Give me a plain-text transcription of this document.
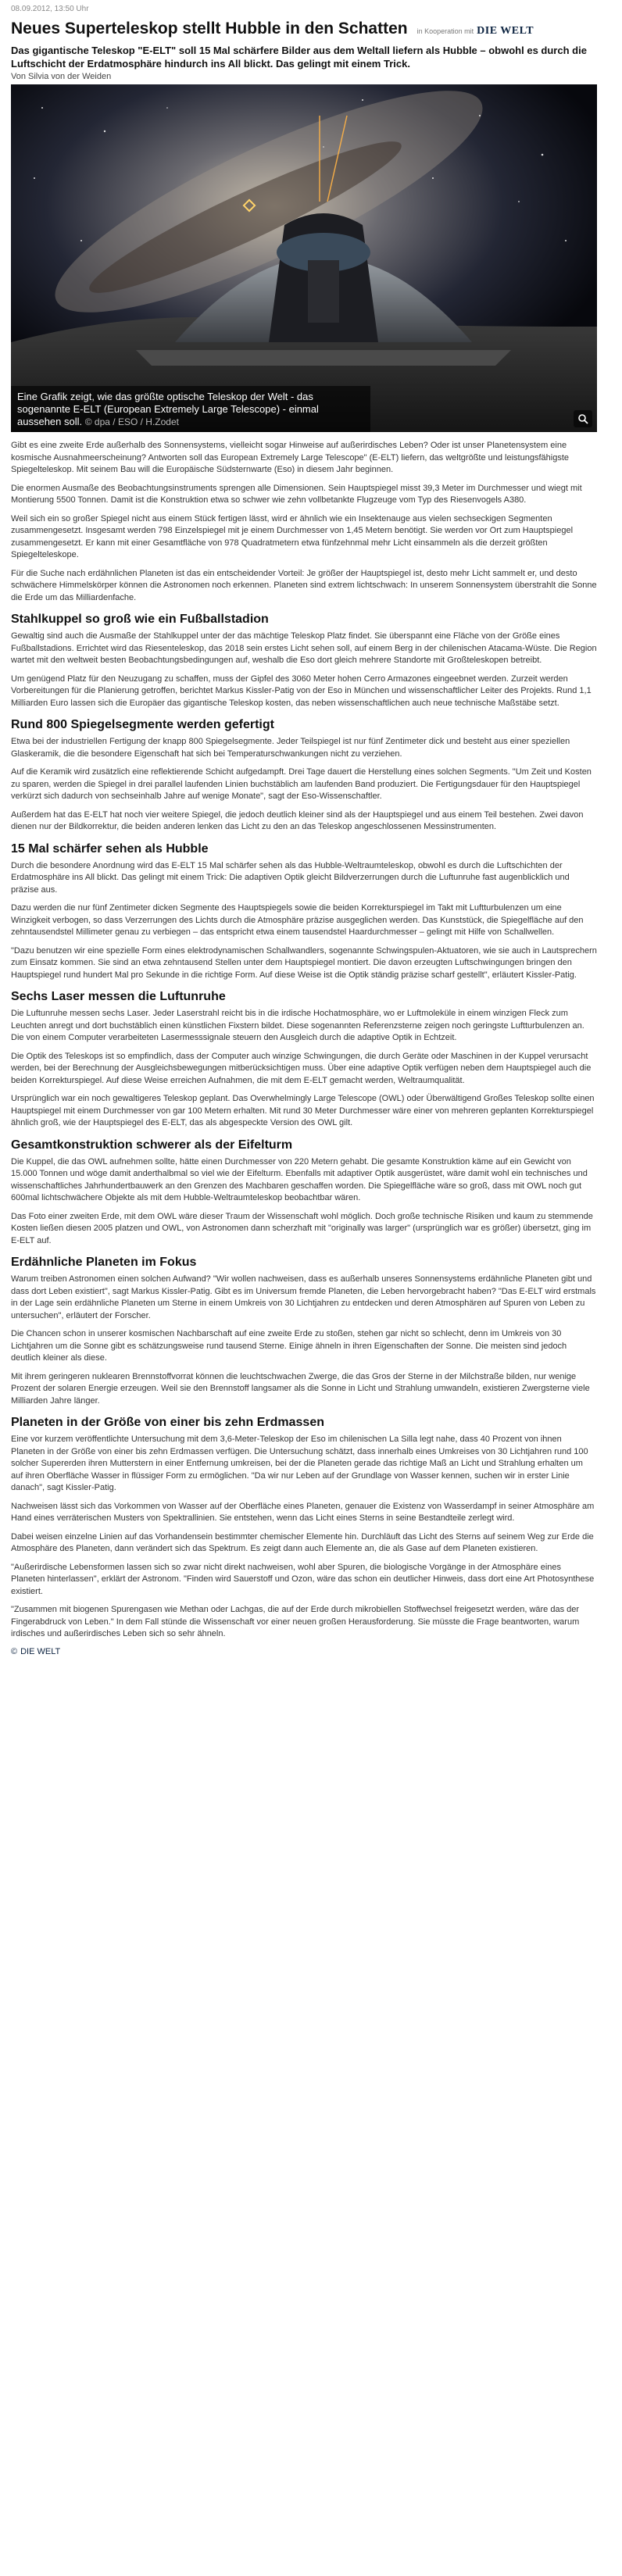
08.09.2012, 13:50 Uhr
Neues Superteleskop stellt Hubble in den Schatten in Kooperation mit DIE WELT
Das gigantische Teleskop "E-ELT" soll 15 Mal schärfere Bilder aus dem Weltall liefern als Hubble – obwohl es durch die Luftschicht der Erdatmosphäre hindurch ins All blickt. Das gelingt mit einem Trick.
Von Silvia von der Weiden
Eine Grafik zeigt, wie das größte optische Teleskop der Welt - das sogenannte E-ELT (European Extremely Large Telescope) - einmal aussehen soll. © dpa / ESO / H.Zodet

Gibt es eine zweite Erde außerhalb des Sonnensystems, vielleicht sogar Hinweise auf außerirdisches Leben? Oder ist unser Planetensystem eine kosmische Ausnahmeerscheinung? Antworten soll das European Extremely Large Telescope" (E-ELT) liefern, das weltgrößte und leistungsfähigste Spiegelteleskop. Mit seinem Bau will die Europäische Südsternwarte (Eso) in diesem Jahr beginnen.

Die enormen Ausmaße des Beobachtungsinstruments sprengen alle Dimensionen. Sein Hauptspiegel misst 39,3 Meter im Durchmesser und wiegt mit Montierung 5500 Tonnen. Damit ist die Konstruktion etwa so schwer wie zehn vollbetankte Flugzeuge vom Typ des Riesenvogels A380.

Weil sich ein so großer Spiegel nicht aus einem Stück fertigen lässt, wird er ähnlich wie ein Insektenauge aus vielen sechseckigen Segmenten zusammengesetzt. Insgesamt werden 798 Einzelspiegel mit je einem Durchmesser von 1,45 Metern benötigt. Sie werden vor Ort zum Hauptspiegel zusammengesetzt. Er kann mit einer Gesamtfläche von 978 Quadratmetern etwa fünfzehnmal mehr Licht einsammeln als die derzeit größten Spiegelteleskope.

Für die Suche nach erdähnlichen Planeten ist das ein entscheidender Vorteil: Je größer der Hauptspiegel ist, desto mehr Licht sammelt er, und desto schwächere Himmelskörper können die Astronomen noch erkennen. Planeten sind extrem lichtschwach: In unserem Sonnensystem überstrahlt die Sonne die Erde um das Milliardenfache.

Stahlkuppel so groß wie ein Fußballstadion

Gewaltig sind auch die Ausmaße der Stahlkuppel unter der das mächtige Teleskop Platz findet. Sie überspannt eine Fläche von der Größe eines Fußballstadions. Errichtet wird das Riesenteleskop, das 2018 sein erstes Licht sehen soll, auf einem Berg in der chilenischen Atacama-Wüste. Die Region wartet mit den weltweit besten Beobachtungsbedingungen auf, weshalb die Eso dort gleich mehrere Standorte mit Großteleskopen betreibt.

Um genügend Platz für den Neuzugang zu schaffen, muss der Gipfel des 3060 Meter hohen Cerro Armazones eingeebnet werden. Zurzeit werden Vorbereitungen für die Planierung getroffen, berichtet Markus Kissler-Patig von der Eso in München und wissenschaftlicher Leiter des Projekts. Rund 1,1 Milliarden Euro lassen sich die Europäer das gigantische Teleskop kosten, das neben wissenschaftlichen auch neue technische Maßstäbe setzt.

Rund 800 Spiegelsegmente werden gefertigt

Etwa bei der industriellen Fertigung der knapp 800 Spiegelsegmente. Jeder Teilspiegel ist nur fünf Zentimeter dick und besteht aus einer speziellen Glaskeramik, die die besondere Eigenschaft hat sich bei Temperaturschwankungen nicht zu verziehen.

Auf die Keramik wird zusätzlich eine reflektierende Schicht aufgedampft. Drei Tage dauert die Herstellung eines solchen Segments. "Um Zeit und Kosten zu sparen, werden die Spiegel in drei parallel laufenden Linien buchstäblich am laufenden Band produziert. Die Fertigungsdauer für den Hauptspiegel verkürzt sich dadurch von sechseinhalb Jahre auf wenige Monate", sagt der Eso-Wissenschaftler.

Außerdem hat das E-ELT hat noch vier weitere Spiegel, die jedoch deutlich kleiner sind als der Hauptspiegel und aus einem Teil bestehen. Zwei davon dienen nur der Bildkorrektur, die beiden anderen lenken das Licht zu den an das Teleskop angeschlossenen Messinstrumenten.

15 Mal schärfer sehen als Hubble

Durch die besondere Anordnung wird das E-ELT 15 Mal schärfer sehen als das Hubble-Weltraumteleskop, obwohl es durch die Luftschichten der Erdatmosphäre ins All blickt. Das gelingt mit einem Trick: Die adaptiven Optik gleicht Bildverzerrungen durch die Luftunruhe fast augenblicklich und präzise aus.

Dazu werden die nur fünf Zentimeter dicken Segmente des Hauptspiegels sowie die beiden Korrekturspiegel im Takt mit Luftturbulenzen um eine Winzigkeit verbogen, so dass Verzerrungen des Lichts durch die Atmosphäre präzise ausgeglichen werden. Das Kunststück, die Spiegelfläche auf den zehntausendstel Millimeter genau zu verbiegen – das entspricht etwa einem tausendstel Haardurchmesser – gelingt mit Hilfe von Schallwellen.

"Dazu benutzen wir eine spezielle Form eines elektrodynamischen Schallwandlers, sogenannte Schwingspulen-Aktuatoren, wie sie auch in Lautsprechern zum Einsatz kommen. Sie sind an etwa zehntausend Stellen unter dem Hauptspiegel montiert. Die davon erzeugten Luftschwingungen bringen den Hauptspiegel rund hundert Mal pro Sekunde in die richtige Form. Auf diese Weise ist die Optik ständig präzise scharf gestellt", erläutert Kissler-Patig.

Sechs Laser messen die Luftunruhe

Die Luftunruhe messen sechs Laser. Jeder Laserstrahl reicht bis in die irdische Hochatmosphäre, wo er Luftmoleküle in einem winzigen Fleck zum Leuchten anregt und dort buchstäblich einen künstlichen Fixstern bildet. Diese sogenannten Referenzsterne zeigen noch geringste Luftturbulenzen an. Die von einem Computer verarbeiteten Lasermesssignale steuern den Ausgleich durch die adaptive Optik in Echtzeit.

Die Optik des Teleskops ist so empfindlich, dass der Computer auch winzige Schwingungen, die durch Geräte oder Maschinen in der Kuppel verursacht werden, bei der Berechnung der Ausgleichsbewegungen mitberücksichtigen muss. Über eine adaptive Optik verfügen neben dem Hauptspiegel auch die beiden Korrekturspiegel. Auf diese Weise erreichen Aufnahmen, die mit dem E-ELT gemacht werden, Weltraumqualität.

Ursprünglich war ein noch gewaltigeres Teleskop geplant. Das Overwhelmingly Large Telescope (OWL) oder Überwältigend Großes Teleskop sollte einen Hauptspiegel mit einem Durchmesser von gar 100 Metern erhalten. Mit rund 30 Meter Durchmesser wäre einer von mehreren geplanten Korrekturspiegel ähnlich groß, wie der Hauptspiegel des E-ELT, das als abgespeckte Version des OWL gilt.

Gesamtkonstruktion schwerer als der Eifelturm

Die Kuppel, die das OWL aufnehmen sollte, hätte einen Durchmesser von 220 Metern gehabt. Die gesamte Konstruktion käme auf ein Gewicht von 15.000 Tonnen und wöge damit anderthalbmal so viel wie der Eifelturm. Ebenfalls mit adaptiver Optik ausgerüstet, wäre damit wohl ein technisches und wissenschaftliches Jahrhundertbauwerk an den Grenzen des Machbaren geschaffen worden. Die Spiegelfläche wäre so groß, dass mit OWL noch gut 600mal lichtschwächere Objekte als mit dem Hubble-Weltraumteleskop beobachtbar wären.

Das Foto einer zweiten Erde, mit dem OWL wäre dieser Traum der Wissenschaft wohl möglich. Doch große technische Risiken und kaum zu stemmende Kosten ließen diesen 2005 platzen und OWL, von Astronomen dann scherzhaft mit "originally was larger" (ursprünglich war es größer) übersetzt, ging im E-ELT auf.

Erdähnliche Planeten im Fokus

Warum treiben Astronomen einen solchen Aufwand? "Wir wollen nachweisen, dass es außerhalb unseres Sonnensystems erdähnliche Planeten gibt und dass dort Leben existiert", sagt Markus Kissler-Patig. Gibt es im Universum fremde Planeten, die Leben hervorgebracht haben? "Das E-ELT wird erstmals in der Lage sein erdähnliche Planeten um Sterne in einem Umkreis von 30 Lichtjahren zu entdecken und deren Atmosphären auf Spuren von Leben zu untersuchen", erläutert der Forscher.

Die Chancen schon in unserer kosmischen Nachbarschaft auf eine zweite Erde zu stoßen, stehen gar nicht so schlecht, denn im Umkreis von 30 Lichtjahren um die Sonne gibt es schätzungsweise rund tausend Sterne. Einige ähneln in ihren Eigenschaften der Sonne. Die meisten sind jedoch deutlich kleiner als diese.

Mit ihrem geringeren nuklearen Brennstoffvorrat können die leuchtschwachen Zwerge, die das Gros der Sterne in der Milchstraße bilden, nur wenige Prozent der solaren Energie erzeugen. Weil sie den Brennstoff langsamer als die Sonne in Licht und Strahlung umwandeln, existieren Zwergsterne viele Milliarden Jahre länger.

Planeten in der Größe von einer bis zehn Erdmassen

Eine vor kurzem veröffentlichte Untersuchung mit dem 3,6-Meter-Teleskop der Eso im chilenischen La Silla legt nahe, dass 40 Prozent von ihnen Planeten in der Größe von einer bis zehn Erdmassen verfügen. Die Untersuchung schätzt, dass innerhalb eines Umkreises von 30 Lichtjahren rund 100 solcher Supererden ihren Mutterstern in einer Entfernung umkreisen, bei der die Planeten gerade das richtige Maß an Licht und Strahlung erhalten um auf ihren Oberfläche Wasser in flüssiger Form zu ermöglichen. "Da wir nur Leben auf der Grundlage von Wasser kennen, suchen wir in erster Linie danach", sagt Kissler-Patig.

Nachweisen lässt sich das Vorkommen von Wasser auf der Oberfläche eines Planeten, genauer die Existenz von Wasserdampf in seiner Atmosphäre am Hand eines verräterischen Musters von Spektrallinien. Sie entstehen, wenn das Licht eines Sterns in seine Bestandteile zerlegt wird.

Dabei weisen einzelne Linien auf das Vorhandensein bestimmter chemischer Elemente hin. Durchläuft das Licht des Sterns auf seinem Weg zur Erde die Atmosphäre des Planeten, dann verändert sich das Spektrum. Es zeigt dann auch Elemente an, die als Gase auf dem Planeten existieren.

"Außerirdische Lebensformen lassen sich so zwar nicht direkt nachweisen, wohl aber Spuren, die biologische Vorgänge in der Atmosphäre eines Planeten hinterlassen", erklärt der Astronom. "Finden wird Sauerstoff und Ozon, wäre das schon ein deutlicher Hinweis, dass dort eine Art Photosynthese existiert.

"Zusammen mit biogenen Spurengasen wie Methan oder Lachgas, die auf der Erde durch mikrobiellen Stoffwechsel freigesetzt werden, wäre das der Fingerabdruck von Leben." In dem Fall stünde die Wissenschaft vor einer neuen großen Herausforderung. Sie müsste die Frage beantworten, warum irdisches und außerirdisches Leben sich so sehr ähneln.

© DIE WELT
